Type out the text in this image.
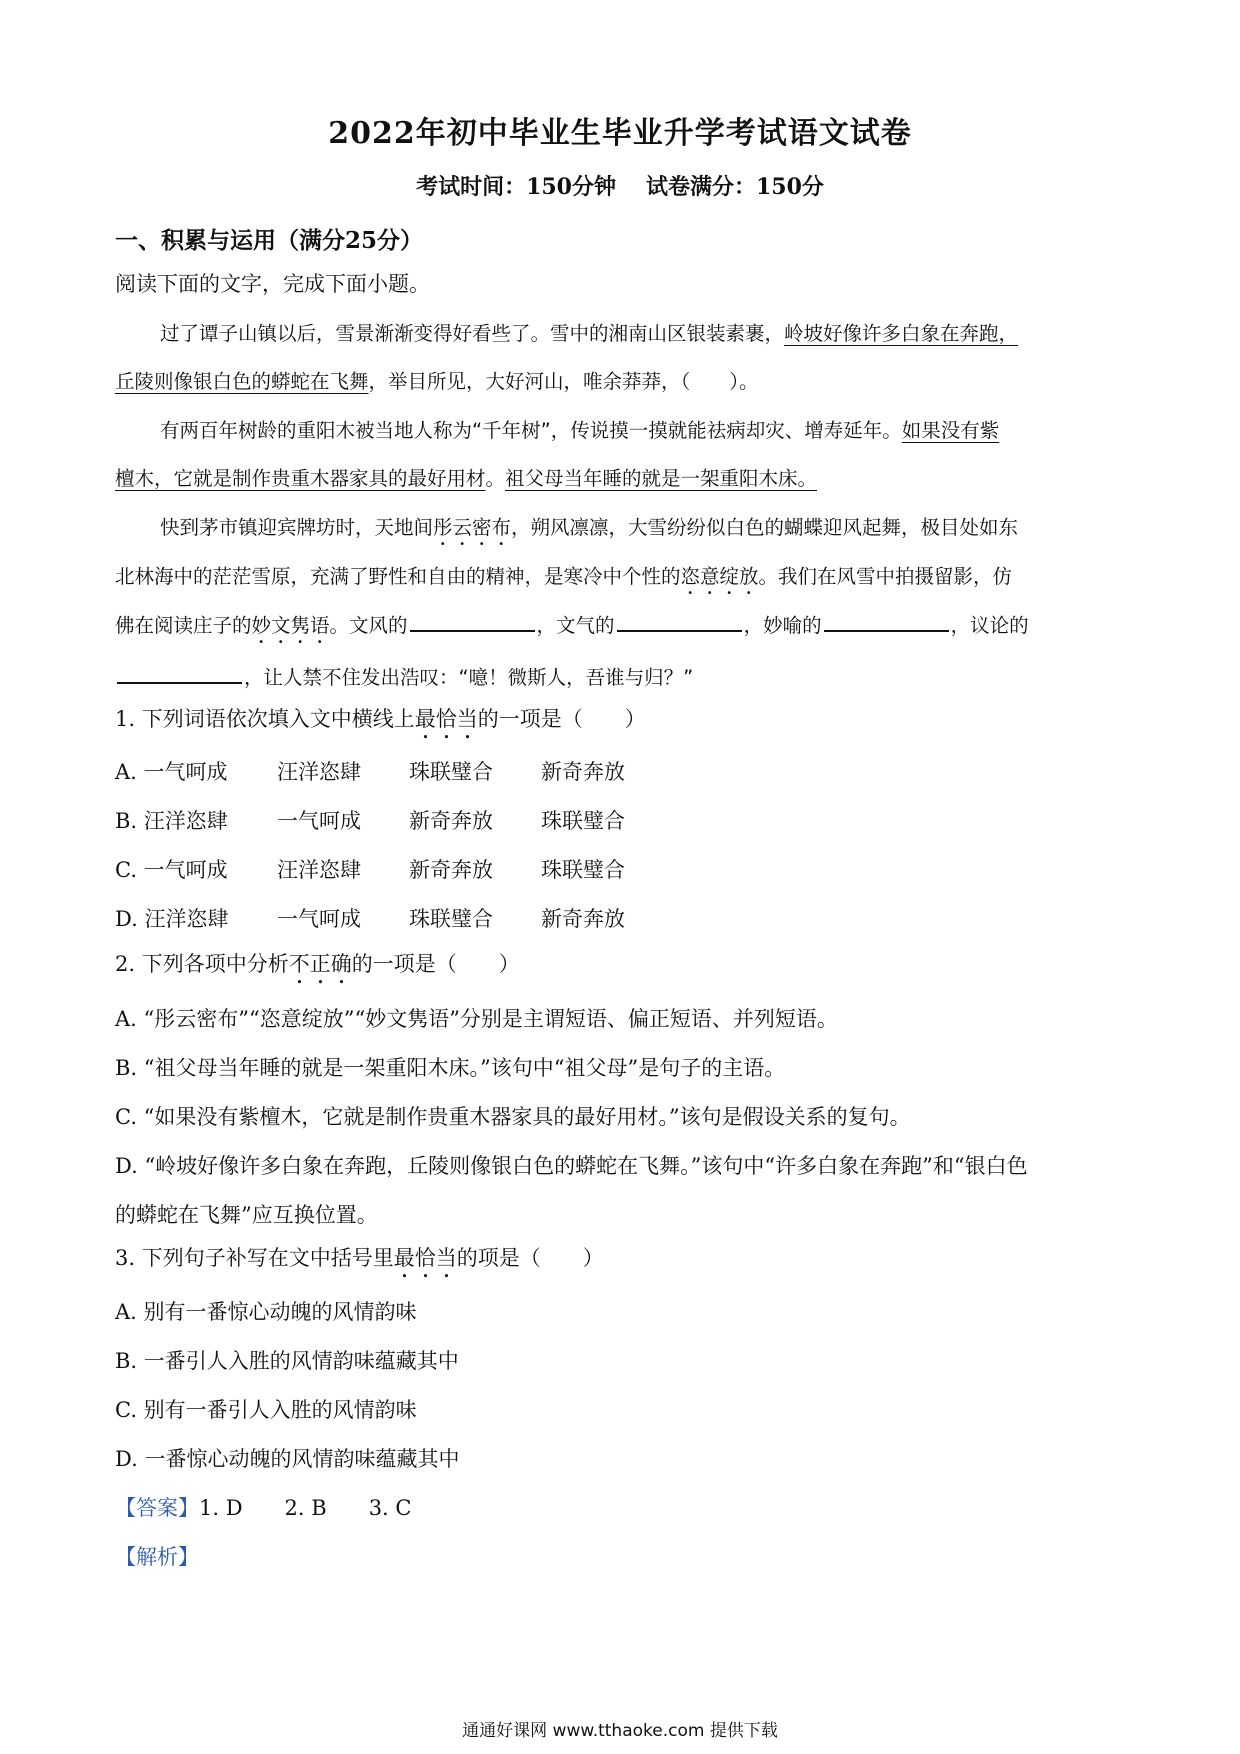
2022年初中毕业生毕业升学考试语文试卷
考试时间：150分钟 试卷满分：150分
一、积累与运用（满分25分）
阅读下面的文字，完成下面小题。
过了谭子山镇以后，雪景渐渐变得好看些了。雪中的湘南山区银装素裹，岭坡好像许多白象在奔跑，
丘陵则像银白色的蟒蛇在飞舞，举目所见，大好河山，唯余莽莽，（　　）。
有两百年树龄的重阳木被当地人称为“千年树”，传说摸一摸就能祛病却灾、增寿延年。如果没有紫
檀木，它就是制作贵重木器家具的最好用材。祖父母当年睡的就是一架重阳木床。
快到茅市镇迎宾牌坊时，天地间彤云密布，朔风凛凛，大雪纷纷似白色的蝴蝶迎风起舞，极目处如东
北林海中的茫茫雪原，充满了野性和自由的精神，是寒冷中个性的恣意绽放。我们在风雪中拍摄留影，仿
佛在阅读庄子的妙文隽语。文风的	，文气的	，妙喻的	，议论的
，让人禁不住发出浩叹：“噫！微斯人，吾谁与归？”
1. 下列词语依次填入文中横线上最恰当的一项是（　　）
A. 一气呵成 汪洋恣肆 珠联璧合 新奇奔放
B. 汪洋恣肆 一气呵成 新奇奔放 珠联璧合
C. 一气呵成 汪洋恣肆 新奇奔放 珠联璧合
D. 汪洋恣肆 一气呵成 珠联璧合 新奇奔放
2. 下列各项中分析不正确的一项是（　　）
A. “彤云密布”“恣意绽放”“妙文隽语”分别是主谓短语、偏正短语、并列短语。
B. “祖父母当年睡的就是一架重阳木床。”该句中“祖父母”是句子的主语。
C. “如果没有紫檀木，它就是制作贵重木器家具的最好用材。”该句是假设关系的复句。
D. “岭坡好像许多白象在奔跑，丘陵则像银白色的蟒蛇在飞舞。”该句中“许多白象在奔跑”和“银白色
的蟒蛇在飞舞”应互换位置。
3. 下列句子补写在文中括号里最恰当的项是（　　）
A. 别有一番惊心动魄的风情韵味
B. 一番引人入胜的风情韵味蕴藏其中
C. 别有一番引人入胜的风情韵味
D. 一番惊心动魄的风情韵味蕴藏其中
【答案】1. D　　2. B　　3. C
【解析】
通通好课网 www.tthaoke.com 提供下载
